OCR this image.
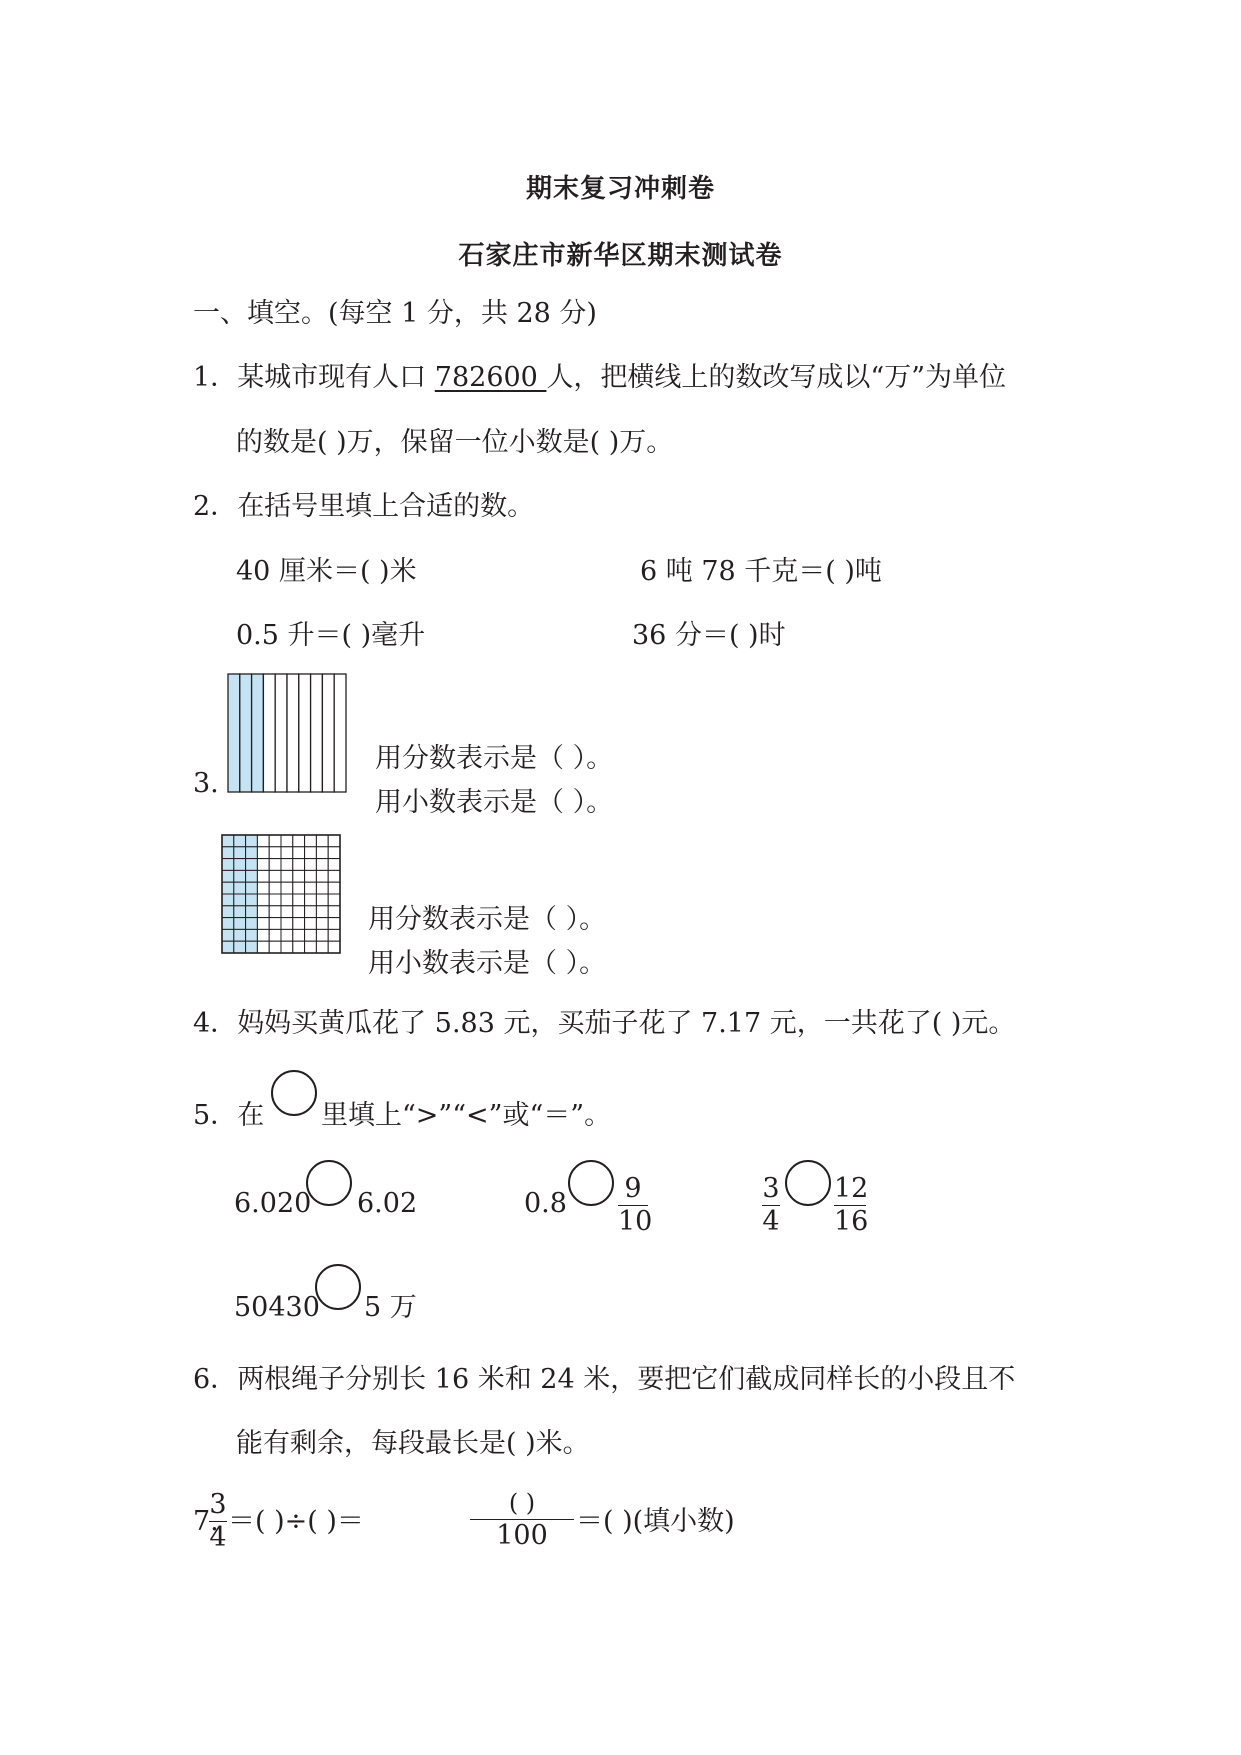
期末复习冲刺卷
石家庄市新华区期末测试卷
一、填空。(每空 1 分，共 28 分)
1．某城市现有人口 782600 人，把横线上的数改写成以“万”为单位
的数是( )万，保留一位小数是( )万。
2．在括号里填上合适的数。
40 厘米＝( )米	6 吨 78 千克＝( )吨
0.5 升＝( )毫升	36 分＝( )时
3.
用分数表示是（ ）。
用小数表示是（ ）。
用分数表示是（ ）。
用小数表示是（ ）。
4．妈妈买黄瓜花了 5.83 元，买茄子花了 7.17 元，一共花了( )元。
5．在 里填上“>”“<”或“＝”。
6.020 6.02	0.8 9
10
3
4
12
16
50430 5 万
6．两根绳子分别长 16 米和 24 米，要把它们截成同样长的小段且不
能有剩余，每段最长是( )米。
7.
3
4
＝( )÷( )＝
( )
100	＝( )(填小数)
